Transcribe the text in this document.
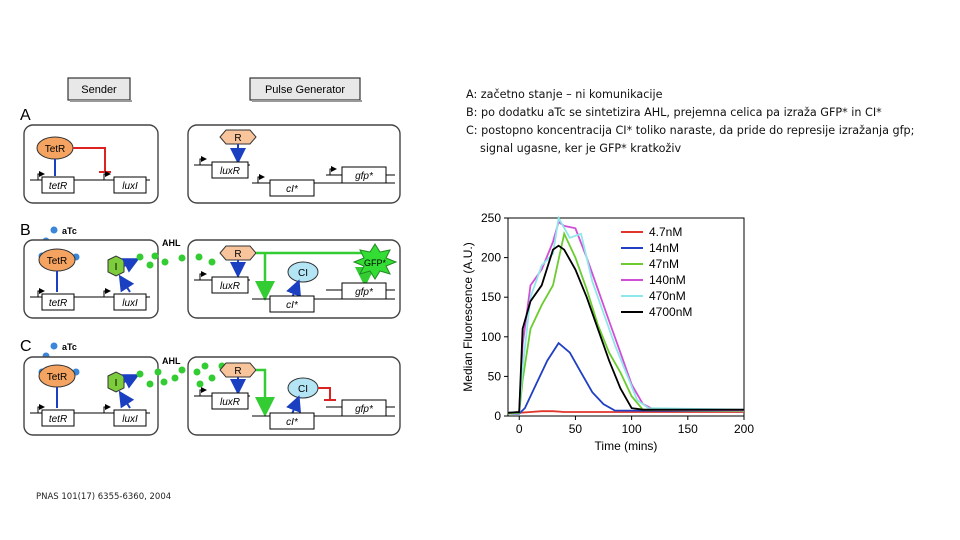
Sender	Pulse Generator
A
TetR
tetR	luxI
R
luxR
cI*
gfp*
B	aTc
TetR
I
tetR	luxI
AHL
R
CI
GFP*
luxR
cI*
gfp*
C	aTc
TetR
I
tetR	luxI
AHL
R
CI
luxR
cI*
gfp*
A: začetno stanje – ni komunikacije
B: po dodatku aTc se sintetizira AHL, prejemna celica pa izraža GFP* in CI*
C: postopno koncentracija CI* toliko naraste, da pride do represije izražanja gfp;
signal ugasne, ker je GFP* kratkoživ
0
50
100
150
200
250
0	50	100	150	200
Time (mins)
Median Fluorescence (A.U.)
4.7nM
14nM
47nM
140nM
470nM
4700nM
PNAS 101(17) 6355-6360, 2004
